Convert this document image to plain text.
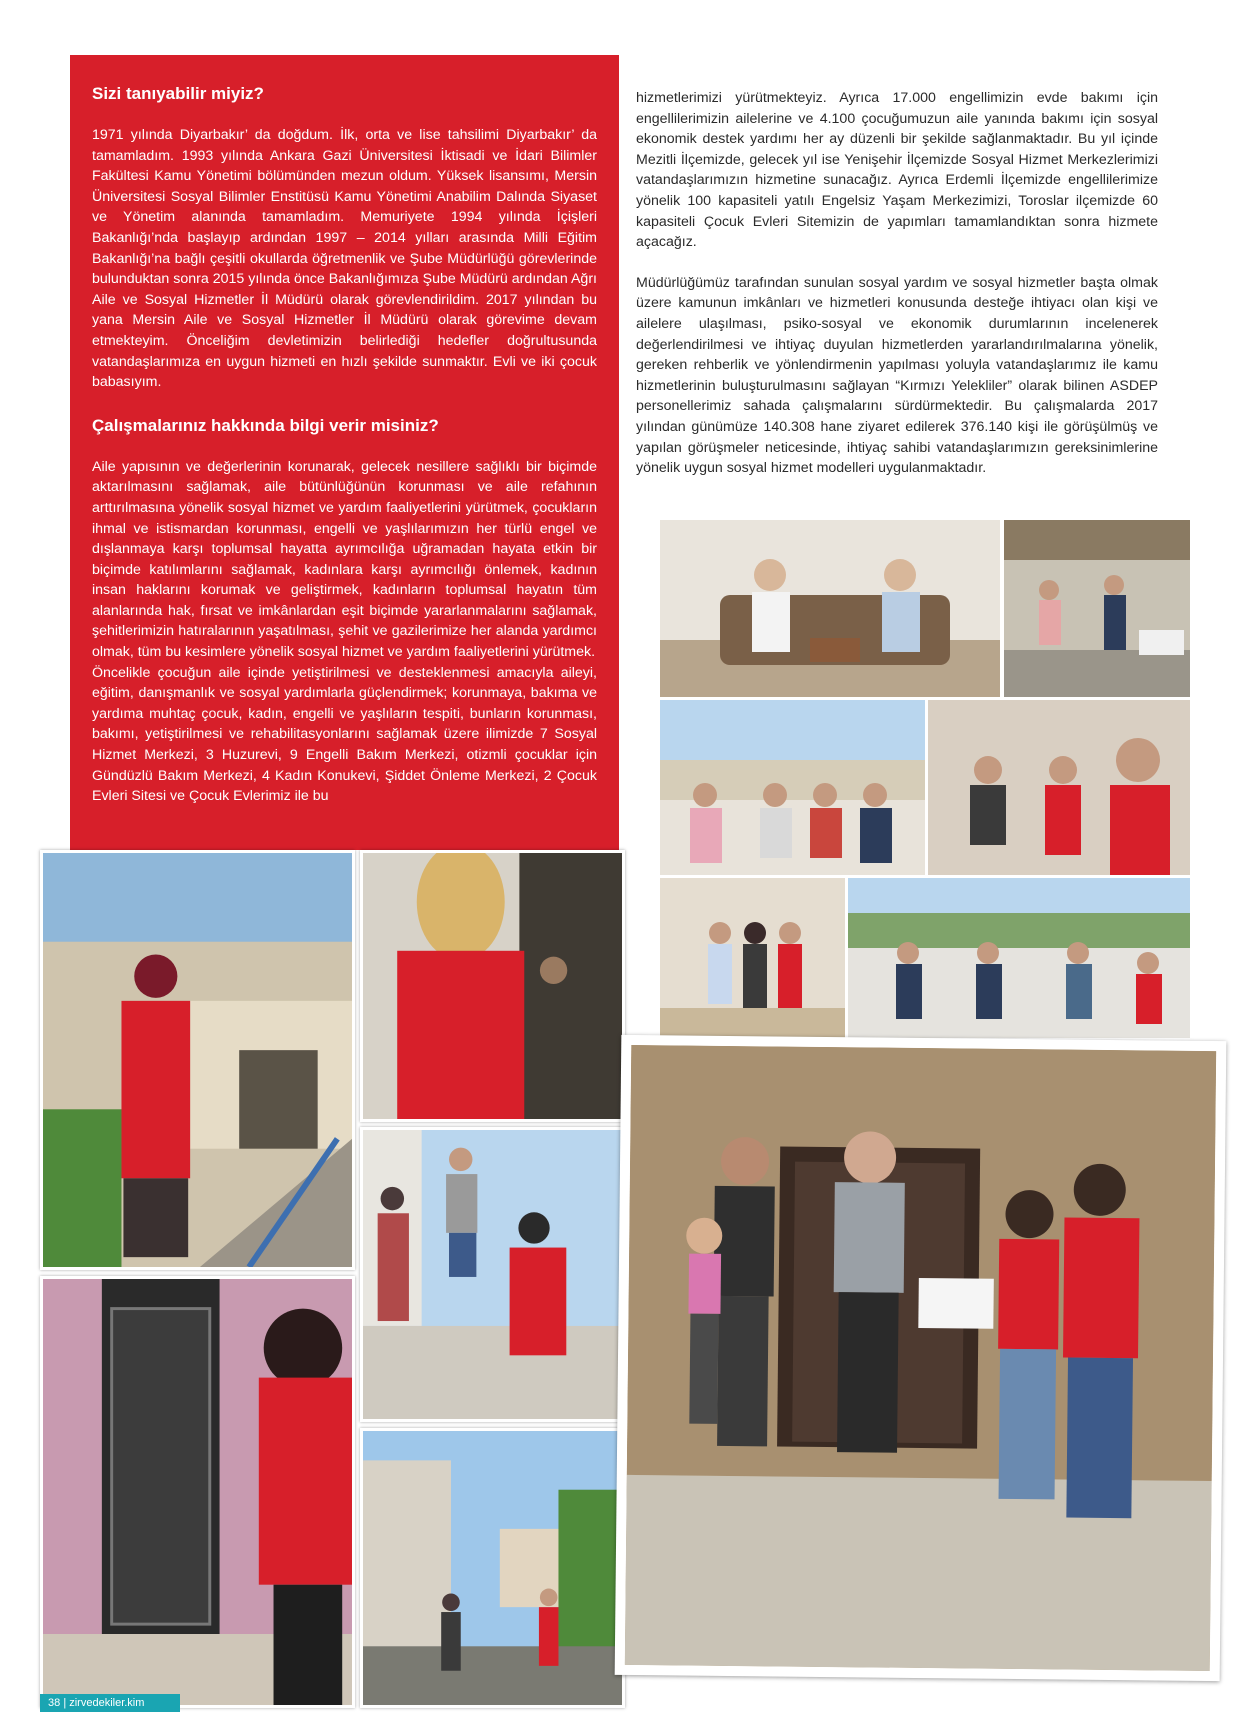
Sizi tanıyabilir miyiz?

1971 yılında Diyarbakır’ da doğdum. İlk, orta ve lise tahsilimi Diyarbakır’ da tamamladım. 1993 yılında Ankara Gazi Üniversitesi İktisadi ve İdari Bilimler Fakültesi Kamu Yönetimi bölümünden mezun oldum. Yüksek lisansımı, Mersin Üniversitesi Sosyal Bilimler Enstitüsü Kamu Yönetimi Anabilim Dalında Siyaset ve Yönetim alanında tamamladım. Memuriyete 1994 yılında İçişleri Bakanlığı’nda başlayıp ardından 1997 – 2014 yılları arasında Milli Eğitim Bakanlığı’na bağlı çeşitli okullarda öğretmenlik ve Şube Müdürlüğü görevlerinde bulunduktan sonra 2015 yılında önce Bakanlığımıza Şube Müdürü ardından Ağrı Aile ve Sosyal Hizmetler İl Müdürü olarak görevlendirildim. 2017 yılından bu yana Mersin Aile ve Sosyal Hizmetler İl Müdürü olarak görevime devam etmekteyim. Önceliğim devletimizin belirlediği hedefler doğrultusunda vatandaşlarımıza en uygun hizmeti en hızlı şekilde sunmaktır. Evli ve iki çocuk babasıyım.

Çalışmalarınız hakkında bilgi verir misiniz?

Aile yapısının ve değerlerinin korunarak, gelecek nesillere sağlıklı bir biçimde aktarılmasını sağlamak, aile bütünlüğünün korunması ve aile refahının arttırılmasına yönelik sosyal hizmet ve yardım faaliyetlerini yürütmek, çocukların ihmal ve istismardan korunması, engelli ve yaşlılarımızın her türlü engel ve dışlanmaya karşı toplumsal hayatta ayrımcılığa uğramadan hayata etkin bir biçimde katılımlarını sağlamak, kadınlara karşı ayrımcılığı önlemek, kadının insan haklarını korumak ve geliştirmek, kadınların toplumsal hayatın tüm alanlarında hak, fırsat ve imkânlardan eşit biçimde yararlanmalarını sağlamak, şehitlerimizin hatıralarının yaşatılması, şehit ve gazilerimize her alanda yardımcı olmak, tüm bu kesimlere yönelik sosyal hizmet ve yardım faaliyetlerini yürütmek.

Öncelikle çocuğun aile içinde yetiştirilmesi ve desteklenmesi amacıyla aileyi, eğitim, danışmanlık ve sosyal yardımlarla güçlendirmek; korunmaya, bakıma ve yardıma muhtaç çocuk, kadın, engelli ve yaşlıların tespiti, bunların korunması, bakımı, yetiştirilmesi ve rehabilitasyonlarını sağlamak üzere ilimizde 7 Sosyal Hizmet Merkezi, 3 Huzurevi, 9 Engelli Bakım Merkezi, otizmli çocuklar için Gündüzlü Bakım Merkezi, 4 Kadın Konukevi, Şiddet Önleme Merkezi, 2 Çocuk Evleri Sitesi ve Çocuk Evlerimiz ile bu

hizmetlerimizi yürütmekteyiz. Ayrıca 17.000 engellimizin evde bakımı için engellilerimizin ailelerine ve 4.100 çocuğumuzun aile yanında bakımı için sosyal ekonomik destek yardımı her ay düzenli bir şekilde sağlanmaktadır. Bu yıl içinde Mezitli İlçemizde, gelecek yıl ise Yenişehir İlçemizde Sosyal Hizmet Merkezlerimizi vatandaşlarımızın hizmetine sunacağız. Ayrıca Erdemli İlçemizde engellilerimize yönelik 100 kapasiteli yatılı Engelsiz Yaşam Merkezimizi, Toroslar ilçemizde 60 kapasiteli Çocuk Evleri Sitemizin de yapımları tamamlandıktan sonra hizmete açacağız.

Müdürlüğümüz tarafından sunulan sosyal yardım ve sosyal hizmetler başta olmak üzere kamunun imkânları ve hizmetleri konusunda desteğe ihtiyacı olan kişi ve ailelere ulaşılması, psiko-sosyal ve ekonomik durumlarının incelenerek değerlendirilmesi ve ihtiyaç duyulan hizmetlerden yararlandırılmalarına yönelik, gereken rehberlik ve yönlendirmenin yapılması yoluyla vatandaşlarımız ile kamu hizmetlerinin buluşturulmasını sağlayan “Kırmızı Yelekliler” olarak bilinen ASDEP personellerimiz sahada çalışmalarını sürdürmektedir. Bu çalışmalarda 2017 yılından günümüze 140.308 hane ziyaret edilerek 376.140 kişi ile görüşülmüş ve yapılan görüşmeler neticesinde, ihtiyaç sahibi vatandaşlarımızın gereksinimlerine yönelik uygun sosyal hizmet modelleri uygulanmaktadır.

38 | zirvedekiler.kim
